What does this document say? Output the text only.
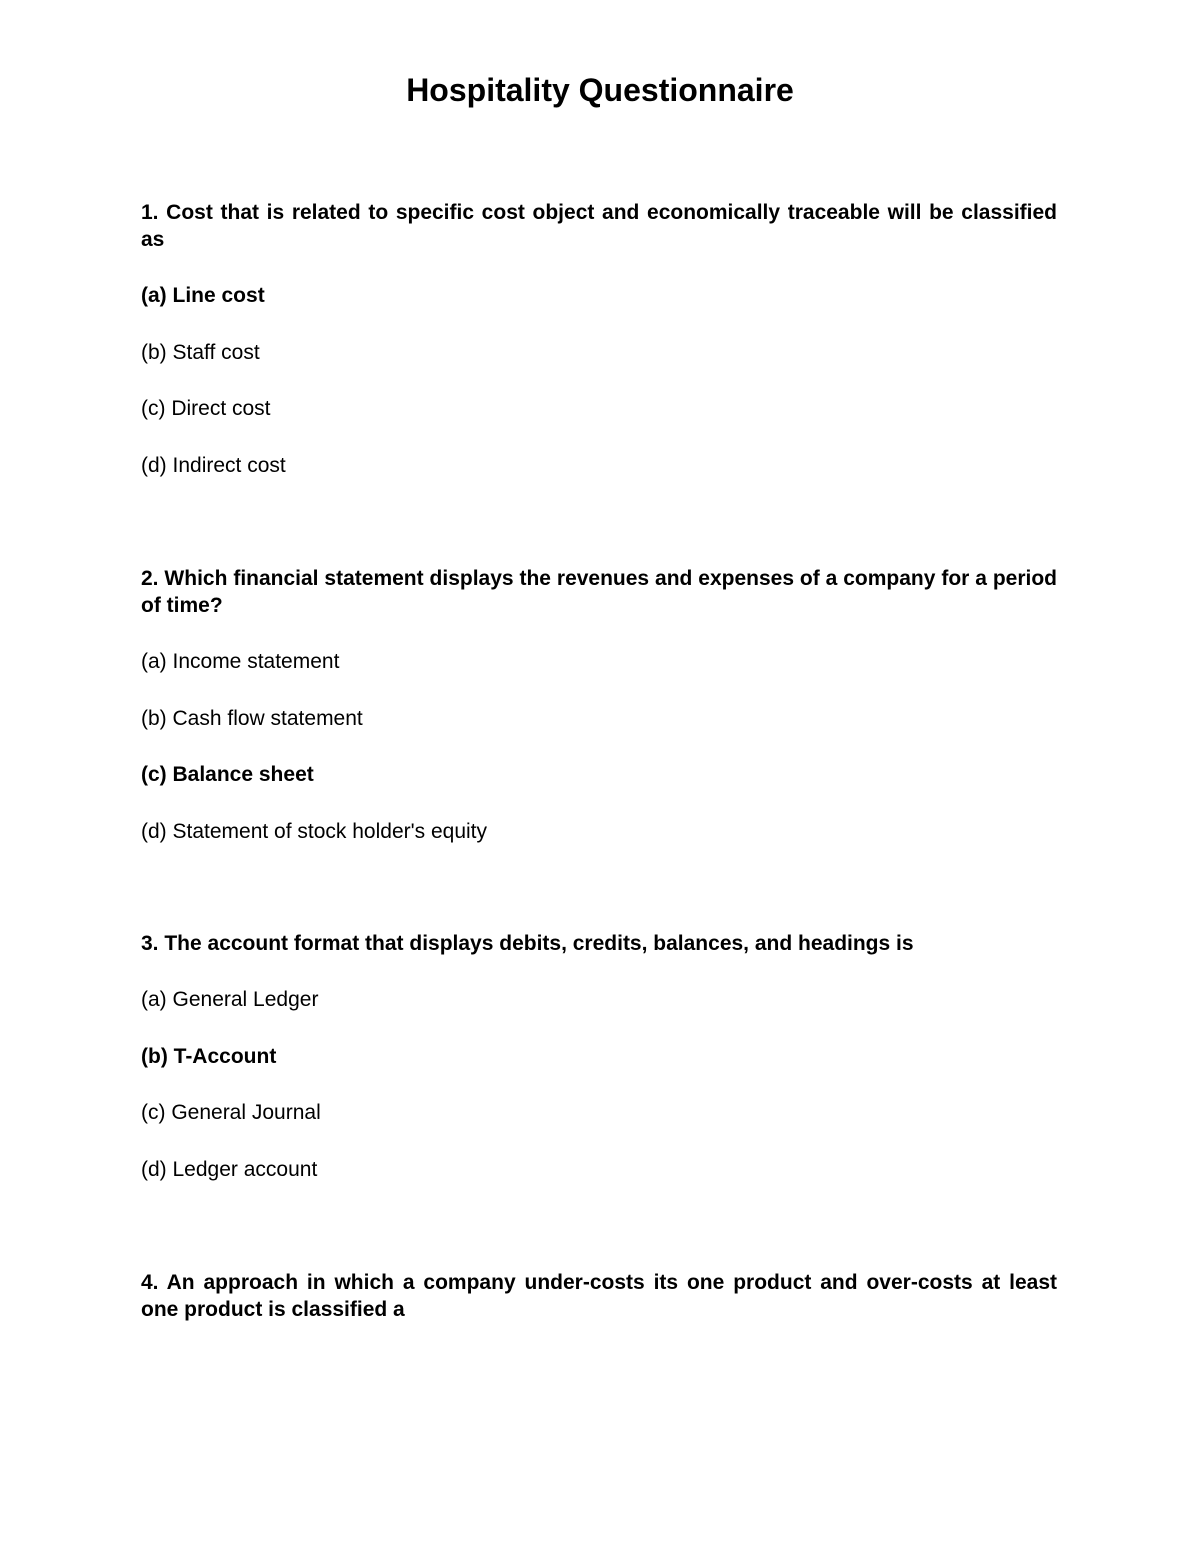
Hospitality Questionnaire

1. Cost that is related to specific cost object and economically traceable will be classified as

(a) Line cost
(b) Staff cost
(c) Direct cost
(d) Indirect cost

2. Which financial statement displays the revenues and expenses of a company for a period of time?

(a) Income statement
(b) Cash flow statement
(c) Balance sheet
(d) Statement of stock holder's equity

3. The account format that displays debits, credits, balances, and headings is

(a) General Ledger
(b) T-Account
(c) General Journal
(d) Ledger account

4. An approach in which a company under-costs its one product and over-costs at least one product is classified a
